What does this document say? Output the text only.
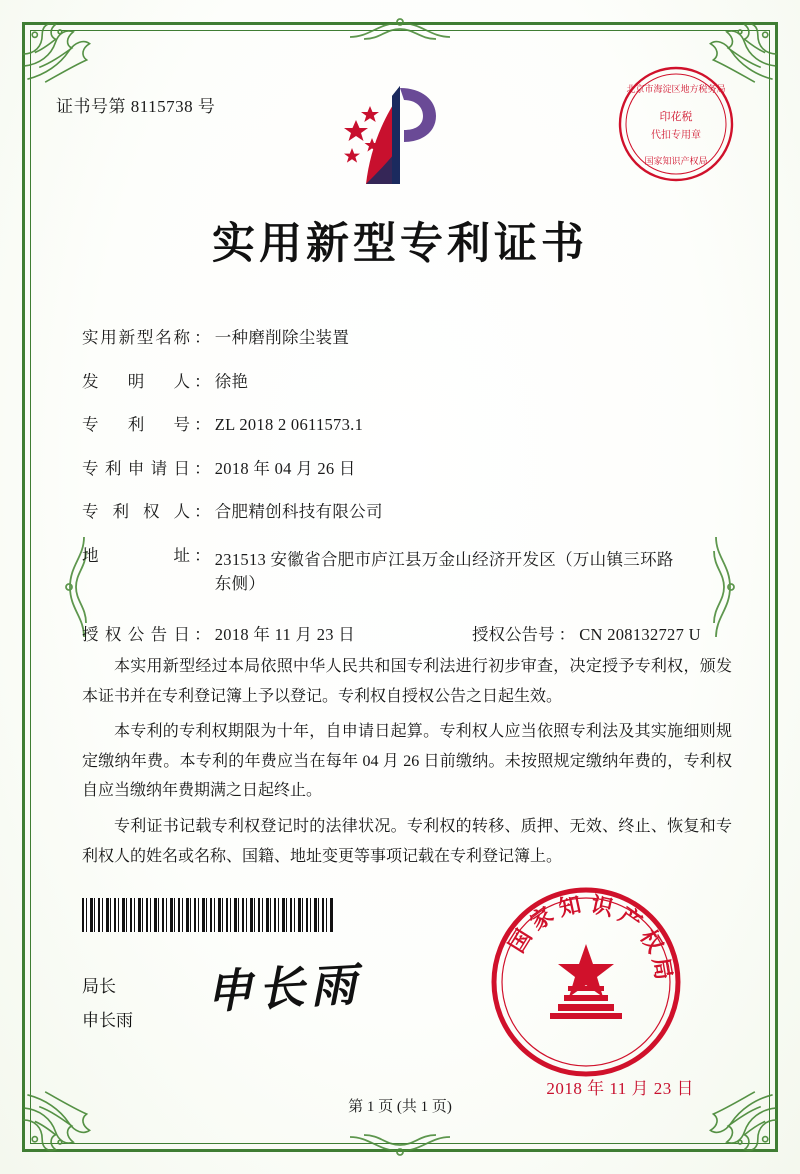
证书号第 8115738 号
北京市海淀区地方税务局
印花税
代扣专用章
国家知识产权局
实用新型专利证书
实用新型名称 ： 一种磨削除尘装置
发明人 ： 徐艳
专利号 ： ZL 2018 2 0611573.1
专利申请日 ： 2018 年 04 月 26 日
专利权人 ： 合肥精创科技有限公司
地址 ： 231513 安徽省合肥市庐江县万金山经济开发区（万山镇三环路东侧）
授权公告日 ： 2018 年 11 月 23 日	授权公告号 ： CN 208132727 U

本实用新型经过本局依照中华人民共和国专利法进行初步审查，决定授予专利权，颁发本证书并在专利登记簿上予以登记。专利权自授权公告之日起生效。

本专利的专利权期限为十年，自申请日起算。专利权人应当依照专利法及其实施细则规定缴纳年费。本专利的年费应当在每年 04 月 26 日前缴纳。未按照规定缴纳年费的，专利权自应当缴纳年费期满之日起终止。

专利证书记载专利权登记时的法律状况。专利权的转移、质押、无效、终止、恢复和专利权人的姓名或名称、国籍、地址变更等事项记载在专利登记簿上。

局长
申长雨
申长雨
国
家
知 识
产
权
局
2018 年 11 月 23 日
第 1 页 (共 1 页)
